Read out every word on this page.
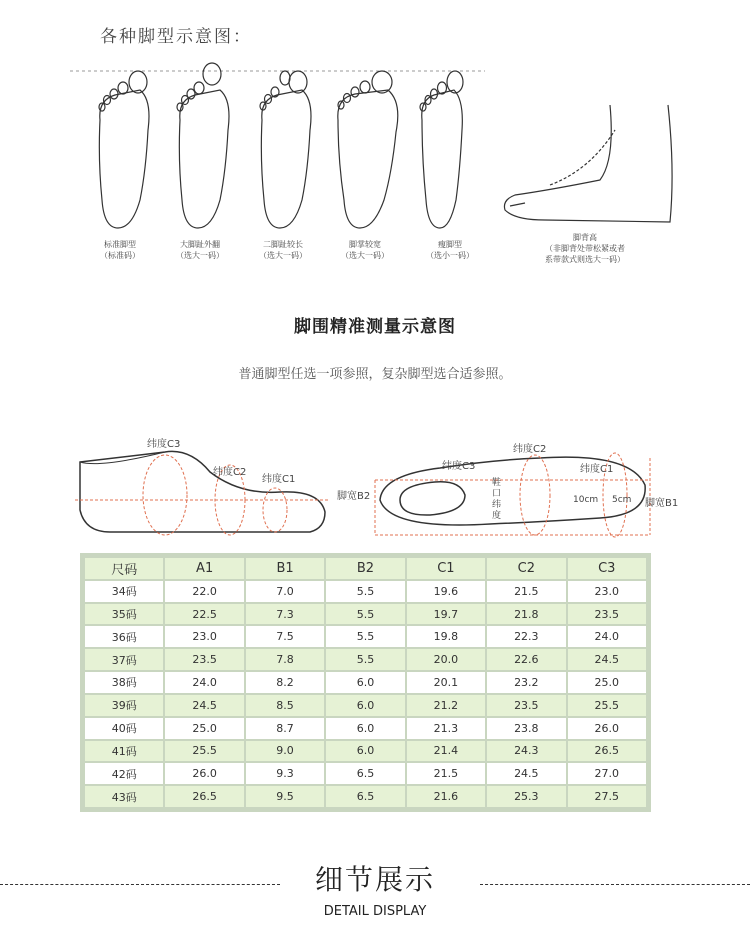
各种脚型示意图：
标准脚型
（标准码）
大脚趾外翻
（选大一码）
二脚趾较长
（选大一码）
脚掌较宽
（选大一码）
瘦脚型
（选小一码）
脚背高
（非脚背处带松紧或者
系带款式则选大一码）
脚围精准测量示意图
普通脚型任选一项参照，复杂脚型选合适参照。
纬度C3
纬度C2
纬度C1
纬度C2
纬度C3	纬度C1
脚宽B2
脚宽B1
鞋口纬度
10cm 5cm
尺码	A1	B1	B2	C1	C2	C3
34码	22.0	7.0	5.5	19.6	21.5	23.0
35码	22.5	7.3	5.5	19.7	21.8	23.5
36码	23.0	7.5	5.5	19.8	22.3	24.0
37码	23.5	7.8	5.5	20.0	22.6	24.5
38码	24.0	8.2	6.0	20.1	23.2	25.0
39码	24.5	8.5	6.0	21.2	23.5	25.5
40码	25.0	8.7	6.0	21.3	23.8	26.0
41码	25.5	9.0	6.0	21.4	24.3	26.5
42码	26.0	9.3	6.5	21.5	24.5	27.0
43码	26.5	9.5	6.5	21.6	25.3	27.5
细节展示
DETAIL DISPLAY
